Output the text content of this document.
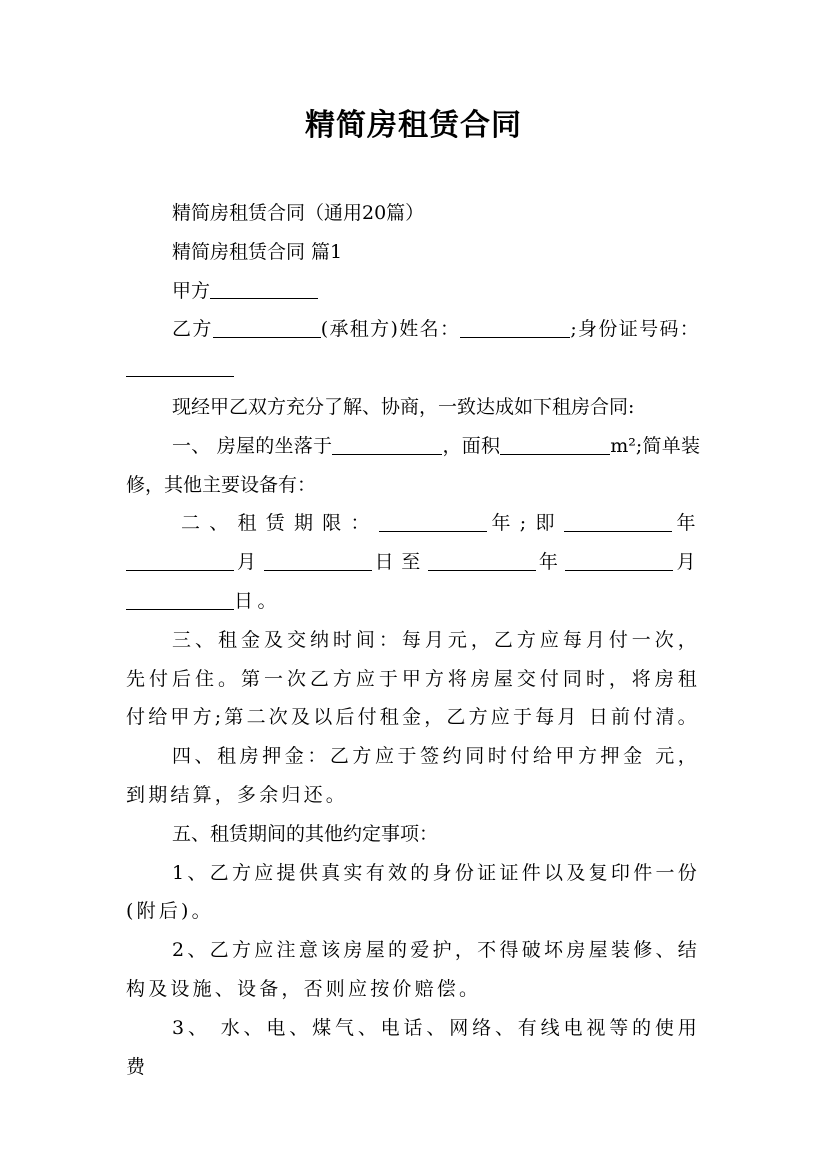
精简房租赁合同

精简房租赁合同（通用20篇）

精简房租赁合同 篇1

甲方

乙方	(承租方)姓名：	;身份证号码：

现经甲乙双方充分了解、协商，一致达成如下租房合同:

一、 房屋的坐落于	，面积	m²;简单装修，其他主要设备有：

二、租赁期限：	年;即	年月	日至	年	月日。

三、租金及交纳时间：每月元，乙方应每月付一次，先付后住。第一次乙方应于甲方将房屋交付同时，将房租付给甲方;第二次及以后付租金，乙方应于每月 日前付清。

四、租房押金：乙方应于签约同时付给甲方押金 元，到期结算，多余归还。

五、租赁期间的其他约定事项：

1、乙方应提供真实有效的身份证证件以及复印件一份(附后)。

2、乙方应注意该房屋的爱护，不得破坏房屋装修、结构及设施、设备，否则应按价赔偿。

3、 水、电、煤气、电话、网络、有线电视等的使用费
